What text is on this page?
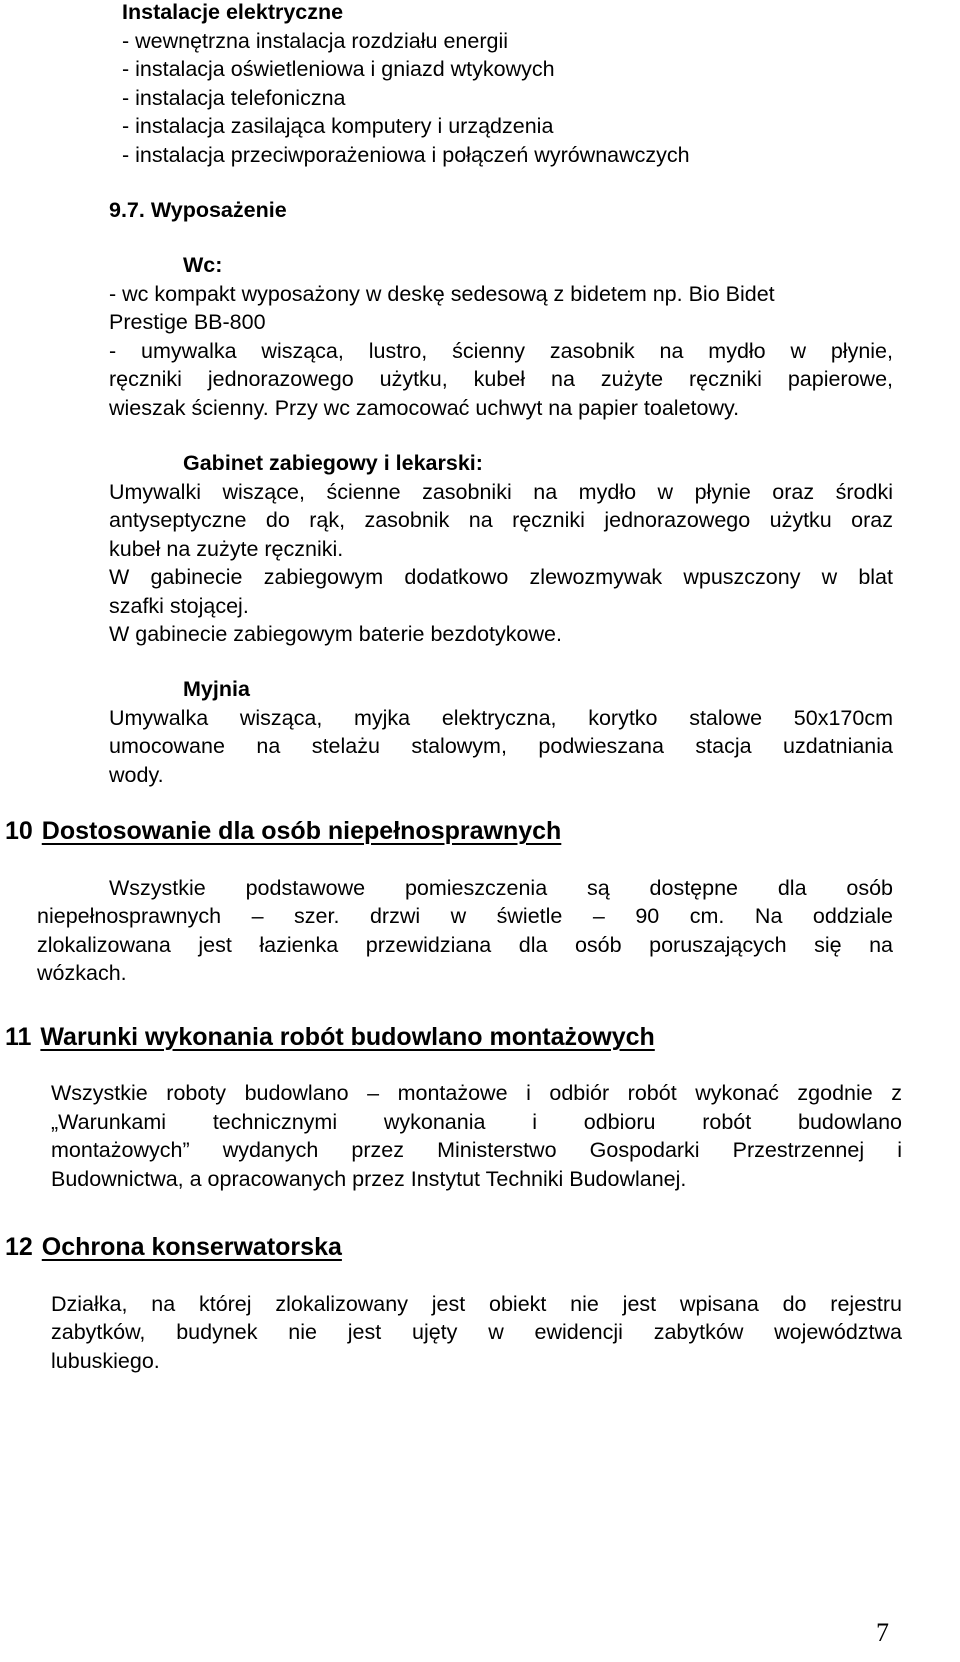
Instalacje elektryczne
- wewnętrzna instalacja rozdziału energii
- instalacja oświetleniowa i gniazd wtykowych
- instalacja telefoniczna
- instalacja zasilająca komputery i urządzenia
- instalacja przeciwporażeniowa i połączeń wyrównawczych
9.7. Wyposażenie
Wc:
- wc kompakt wyposażony w deskę sedesową z bidetem np. Bio Bidet
Prestige BB-800
- umywalka wisząca, lustro, ścienny zasobnik na mydło w płynie,
ręczniki jednorazowego użytku, kubeł na zużyte ręczniki papierowe,
wieszak ścienny. Przy wc zamocować uchwyt na papier toaletowy.
Gabinet zabiegowy i lekarski:
Umywalki wiszące, ścienne zasobniki na mydło w płynie oraz środki
antyseptyczne do rąk, zasobnik na ręczniki jednorazowego użytku oraz
kubeł na zużyte ręczniki.
W gabinecie zabiegowym dodatkowo zlewozmywak wpuszczony w blat
szafki stojącej.
W gabinecie zabiegowym baterie bezdotykowe.
Myjnia
Umywalka wisząca, myjka elektryczna, korytko stalowe 50x170cm
umocowane na stelażu stalowym, podwieszana stacja uzdatniania
wody.
10 Dostosowanie dla osób niepełnosprawnych
Wszystkie podstawowe pomieszczenia są dostępne dla osób
niepełnosprawnych – szer. drzwi w świetle – 90 cm. Na oddziale
zlokalizowana jest łazienka przewidziana dla osób poruszających się na
wózkach.
11 Warunki wykonania robót budowlano montażowych
Wszystkie roboty budowlano – montażowe i odbiór robót wykonać zgodnie z
„Warunkami technicznymi wykonania i odbioru robót budowlano
montażowych” wydanych przez Ministerstwo Gospodarki Przestrzennej i
Budownictwa, a opracowanych przez Instytut Techniki Budowlanej.
12 Ochrona konserwatorska
Działka, na której zlokalizowany jest obiekt nie jest wpisana do rejestru
zabytków, budynek nie jest ujęty w ewidencji zabytków województwa
lubuskiego.
7
